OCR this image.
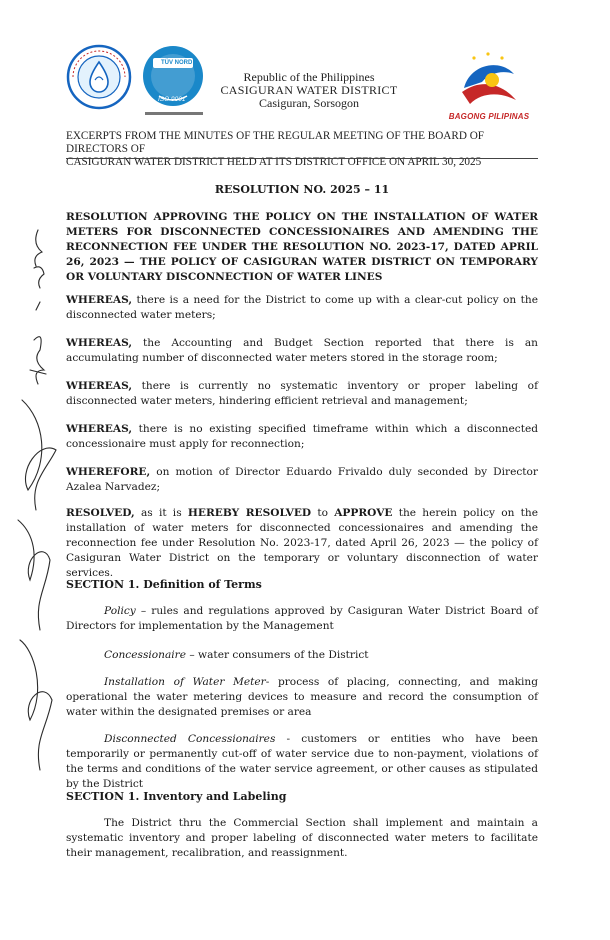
TÜV NORD
ISO 9001
Republic of the Philippines
CASIGURAN WATER DISTRICT
Casiguran, Sorsogon
BAGONG PILIPINAS
EXCERPTS FROM THE MINUTES OF THE REGULAR MEETING OF THE BOARD OF DIRECTORS OF
CASIGURAN WATER DISTRICT HELD AT ITS DISTRICT OFFICE ON APRIL 30, 2025
RESOLUTION NO. 2025 – 11
RESOLUTION APPROVING THE POLICY ON THE INSTALLATION OF WATER METERS FOR DISCONNECTED CONCESSIONAIRES AND AMENDING THE RECONNECTION FEE UNDER THE RESOLUTION NO. 2023-17, DATED APRIL 26, 2023 — THE POLICY OF CASIGURAN WATER DISTRICT ON TEMPORARY OR VOLUNTARY DISCONNECTION OF WATER LINES
WHEREAS, there is a need for the District to come up with a clear-cut policy on the disconnected water meters;
WHEREAS, the Accounting and Budget Section reported that there is an accumulating number of disconnected water meters stored in the storage room;
WHEREAS, there is currently no systematic inventory or proper labeling of disconnected water meters, hindering efficient retrieval and management;
WHEREAS, there is no existing specified timeframe within which a disconnected concessionaire must apply for reconnection;
WHEREFORE, on motion of Director Eduardo Frivaldo duly seconded by Director Azalea Narvadez;
RESOLVED, as it is HEREBY RESOLVED to APPROVE the herein policy on the installation of water meters for disconnected concessionaires and amending the reconnection fee under Resolution No. 2023-17, dated April 26, 2023 — the policy of Casiguran Water District on the temporary or voluntary disconnection of water services.
SECTION 1. Definition of Terms
Policy – rules and regulations approved by Casiguran Water District Board of Directors for implementation by the Management
Concessionaire – water consumers of the District
Installation of Water Meter- process of placing, connecting, and making operational the water metering devices to measure and record the consumption of water within the designated premises or area
Disconnected Concessionaires - customers or entities who have been temporarily or permanently cut-off of water service due to non-payment, violations of the terms and conditions of the water service agreement, or other causes as stipulated by the District
SECTION 1. Inventory and Labeling
The District thru the Commercial Section shall implement and maintain a systematic inventory and proper labeling of disconnected water meters to facilitate their management, recalibration, and reassignment.
